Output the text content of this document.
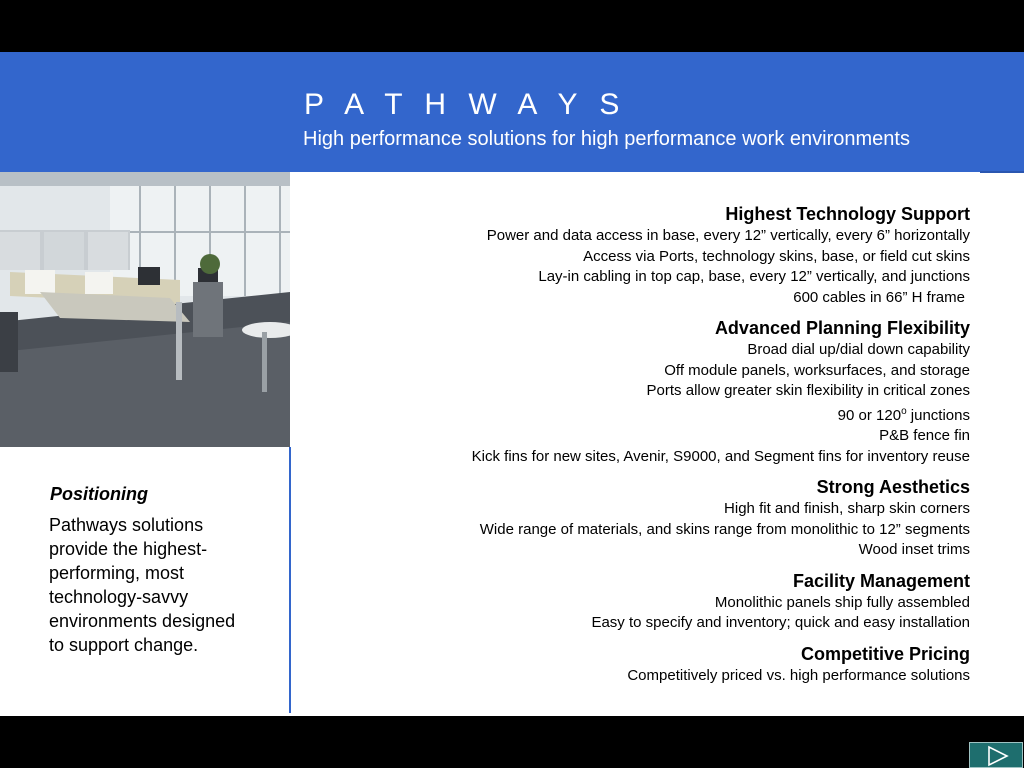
P A T H W A Y S
High performance solutions for high performance work environments
Positioning
Pathways solutions provide the highest-performing, most technology-savvy environments designed to support change.
Highest Technology Support
Power and data access in base, every 12” vertically, every 6” horizontally
Access via Ports, technology skins, base, or field cut skins
Lay-in cabling in top cap, base, every 12” vertically, and junctions
600 cables in 66” H frame
Advanced Planning Flexibility
Broad dial up/dial down capability
Off module panels, worksurfaces, and storage
Ports allow greater skin flexibility in critical zones
90 or 120$^o$ junctions
P&B fence fin
Kick fins for new sites, Avenir, S9000, and Segment fins for inventory reuse
Strong Aesthetics
High fit and finish, sharp skin corners
Wide range of materials, and skins range from monolithic to 12” segments
Wood inset trims
Facility Management
Monolithic panels ship fully assembled
Easy to specify and inventory; quick and easy installation
Competitive Pricing
Competitively priced vs. high performance solutions
